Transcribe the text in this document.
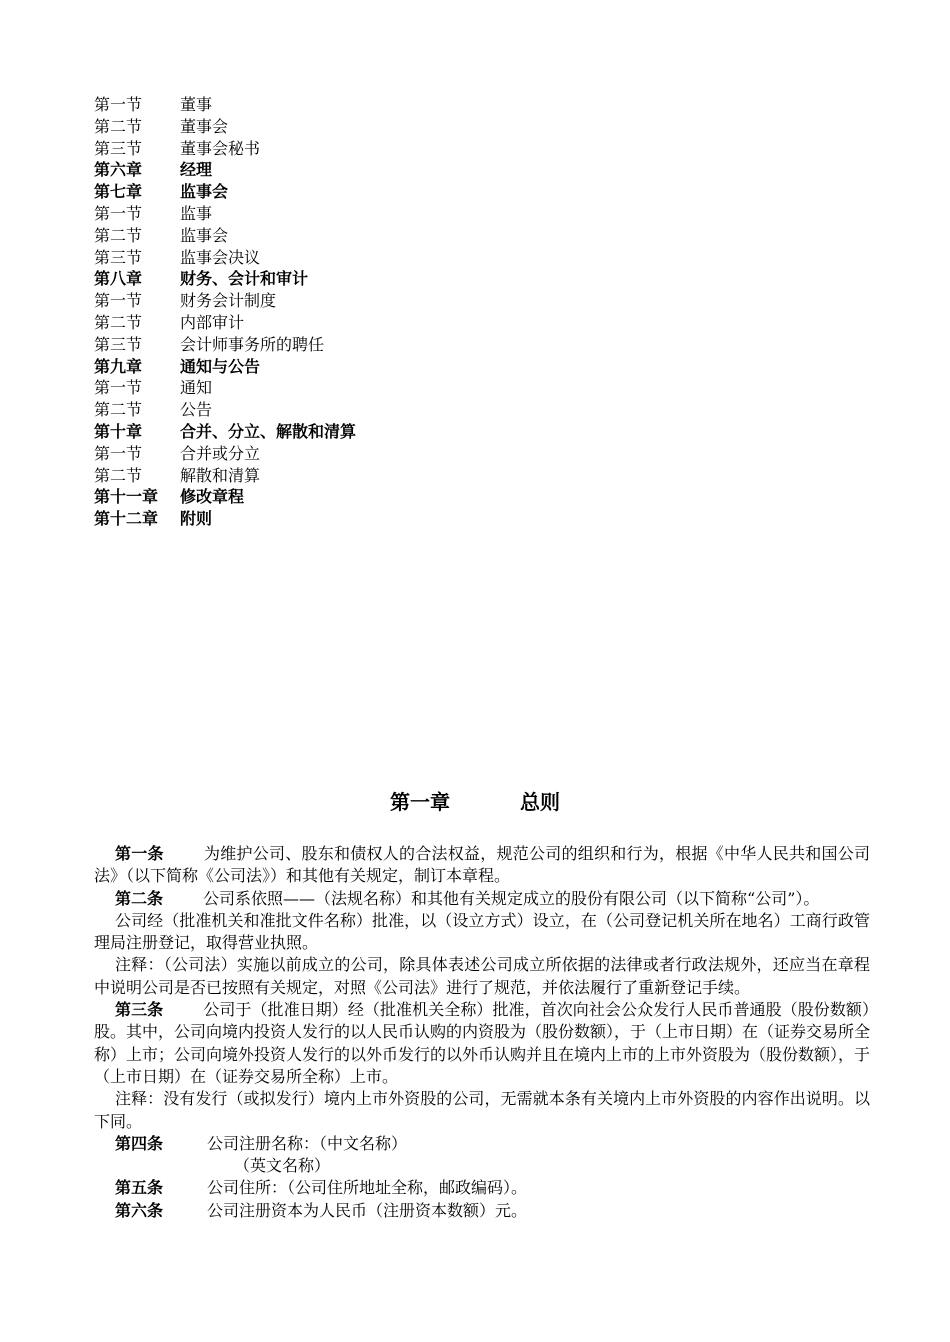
第一节 董事
第二节 董事会
第三节 董事会秘书
第六章 经理
第七章 监事会
第一节 监事
第二节 监事会
第三节 监事会决议
第八章 财务、会计和审计
第一节 财务会计制度
第二节 内部审计
第三节 会计师事务所的聘任
第九章 通知与公告
第一节 通知
第二节 公告
第十章 合并、分立、解散和清算
第一节 合并或分立
第二节 解散和清算
第十一章 修改章程
第十二章 附则
第一章	总则

第一条	为维护公司、股东和债权人的合法权益，规范公司的组织和行为，根据《中华人民共和国公司法》（以下简称《公司法》）和其他有关规定，制订本章程。

第二条	公司系依照——（法规名称）和其他有关规定成立的股份有限公司（以下简称“公司”）。

公司经（批准机关和准批文件名称）批准，以（设立方式）设立，在（公司登记机关所在地名）工商行政管理局注册登记，取得营业执照。

注释：（公司法）实施以前成立的公司，除具体表述公司成立所依据的法律或者行政法规外，还应当在章程中说明公司是否已按照有关规定，对照《公司法》进行了规范，并依法履行了重新登记手续。

第三条	公司于（批准日期）经（批准机关全称）批准，首次向社会公众发行人民币普通股（股份数额）股。其中，公司向境内投资人发行的以人民币认购的内资股为（股份数额），于（上市日期）在（证券交易所全称）上市；公司向境外投资人发行的以外币发行的以外币认购并且在境内上市的上市外资股为（股份数额），于（上市日期）在（证券交易所全称）上市。

注释：没有发行（或拟发行）境内上市外资股的公司，无需就本条有关境内上市外资股的内容作出说明。以下同。

第四条	公司注册名称：（中文名称）

（英文名称）

第五条	公司住所：（公司住所地址全称，邮政编码）。

第六条	公司注册资本为人民币（注册资本数额）元。
